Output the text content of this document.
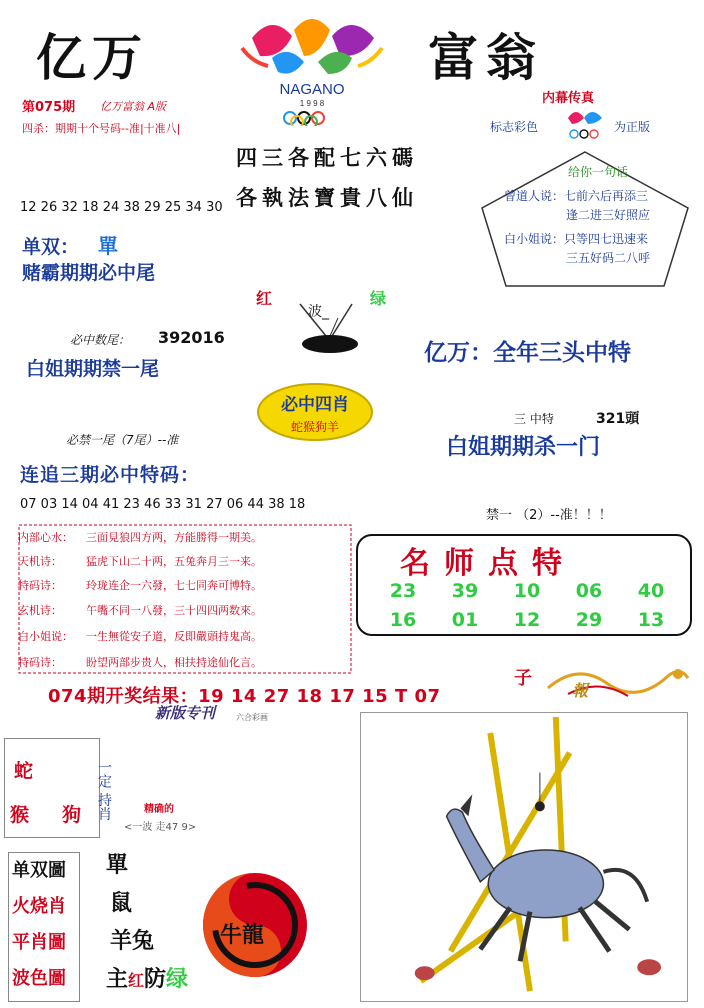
亿万	富翁
NAGANO
1 9 9 8
第075期 亿万富翁 A版
四杀：期期十个号码--准|十准八|
内幕传真
标志彩色	为正版
四三各配七六碼
各執法寶貴八仙
给你一句话
曾道人说：七前六后再添三
逢二进三好照应
白小姐说：只等四七迅速来
三五好码二八呼
12 26 32 18 24 38 29 25 34 30
单双： 單
赌霸期期必中尾
红
波_
绿
必中数尾： 392016
白姐期期禁一尾
亿万：全年三头中特
必中四肖
蛇猴狗羊
三 中特	321頭
白姐期期杀一门
必禁一尾（7尾）--准
连追三期必中特码：
07 03 14 04 41 23 46 33 31 27 06 44 38 18
禁一 （2）--准！！！
内部心水： 三面見狼四方两，方能勝得一期美。
天机诗： 猛虎下山二十两，五兔奔月三一来。
特码诗： 玲珑连企一六發，七七同奔可博特。
玄机诗： 午嘴不同一八發，三十四四两数來。
白小姐说： 一生無從安子道，反即嚴頭持鬼高。
特码诗： 盼望两部步贵人，相扶持途仙化言。
名师点特
23	39	10	06	40
16	01	12	29	13
074期开奖结果：19 14 27 18 17 15 T 07
新版专刊	六合彩画
子
報
蛇
猴 狗 一定 持肖	精确的
<一波 走47 9>
单双圖
火烧肖
平肖圖
波色圖
單
鼠
羊兔	牛龍
主红防绿
